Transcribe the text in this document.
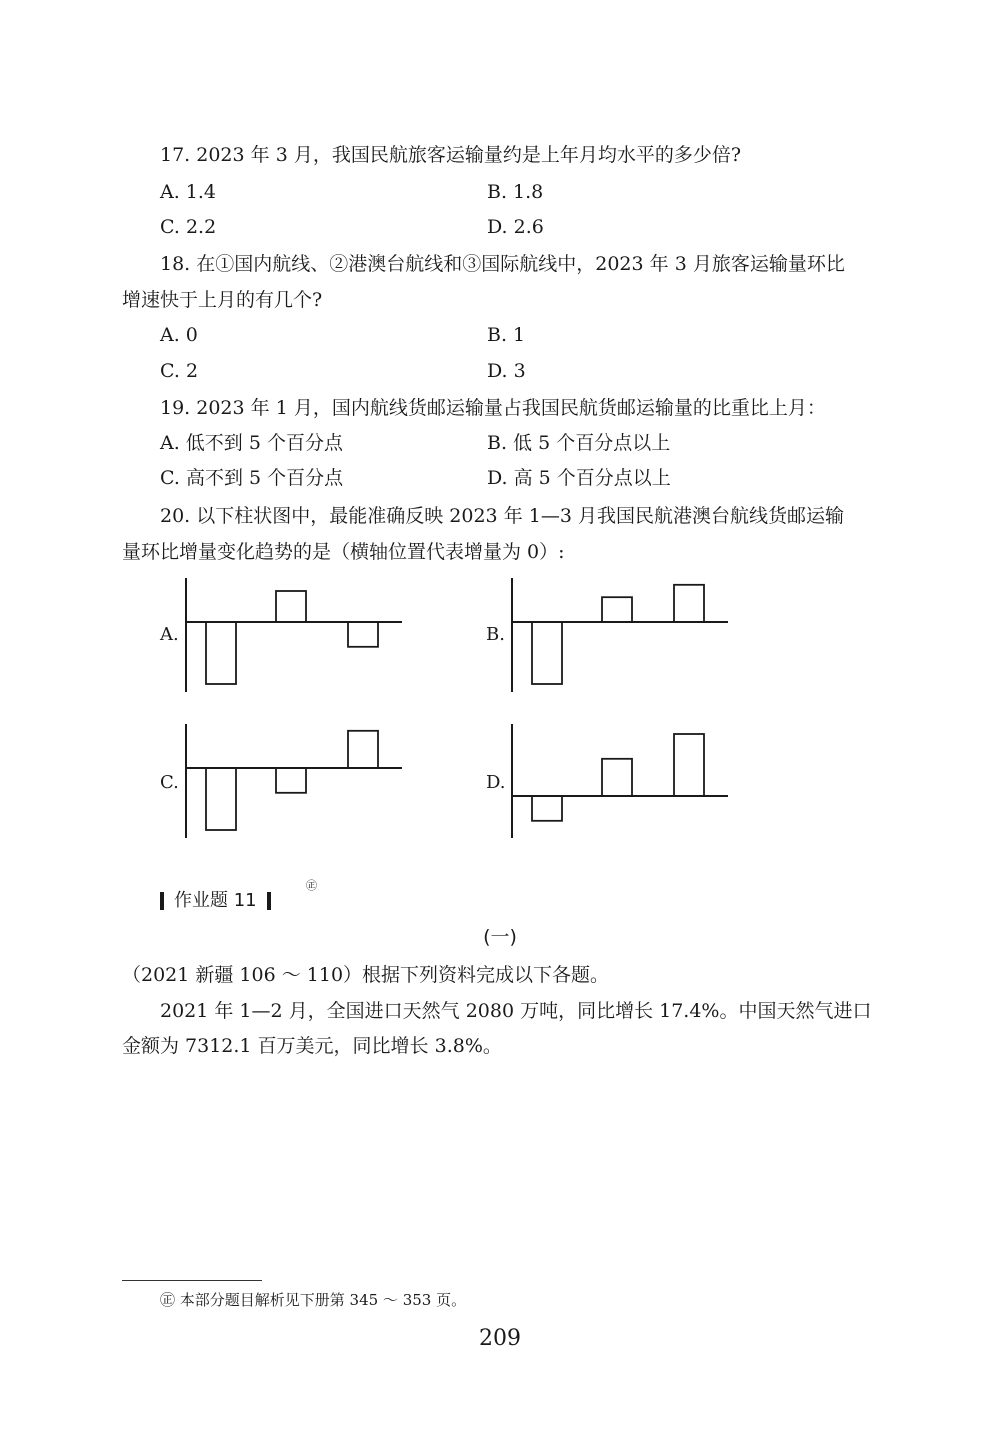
17. 2023 年 3 月，我国民航旅客运输量约是上年月均水平的多少倍?
A. 1.4	B. 1.8
C. 2.2	D. 2.6
18. 在①国内航线、②港澳台航线和③国际航线中，2023 年 3 月旅客运输量环比
增速快于上月的有几个?
A. 0	B. 1
C. 2	D. 3
19. 2023 年 1 月，国内航线货邮运输量占我国民航货邮运输量的比重比上月：
A. 低不到 5 个百分点	B. 低 5 个百分点以上
C. 高不到 5 个百分点	D. 高 5 个百分点以上
20. 以下柱状图中，最能准确反映 2023 年 1—3 月我国民航港澳台航线货邮运输
量环比增量变化趋势的是（横轴位置代表增量为 0）:
A.	B.
C.	D.
作业题 11
㊣
(一)
（2021 新疆 106 ～ 110）根据下列资料完成以下各题。
2021 年 1—2 月，全国进口天然气 2080 万吨，同比增长 17.4%。中国天然气进口
金额为 7312.1 百万美元，同比增长 3.8%。
㊣ 本部分题目解析见下册第 345 ～ 353 页。
209
